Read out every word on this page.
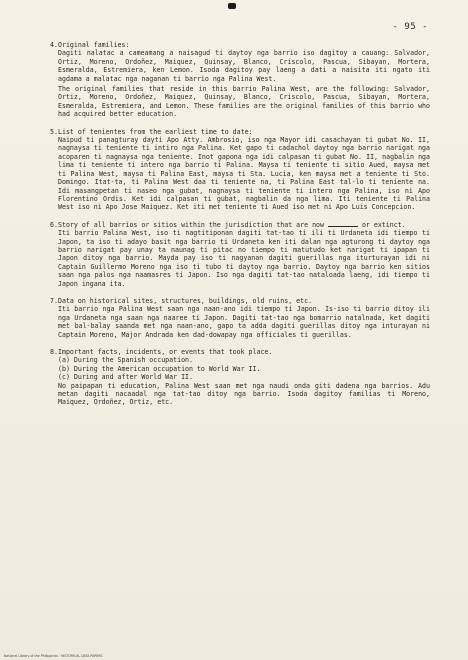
- 95 -
4. Original families:

Dagiti nalatac a cameamang a naisagud ti daytoy nga barrio iso dagitoy a cauang: Salvador, Ortiz, Moreno, Ordoñez, Maiquez, Quinsay, Blanco, Criscolo, Pascua, Sibayan, Mortera, Esmeralda, Estremiera, ken Lemon. Isoda dagitoy pay laeng a dati a naisita iti ngato iti agdama a malatac nga naganan ti barrio nga Palina West.

The original families that reside in this barrio Palina West, are the following: Salvador, Ortiz, Moreno, Ordoñez, Maiquez, Quinsay, Blanco, Criscolo, Pascua, Sibayan, Mortera, Esmeralda, Estremiera, and Lemon. These families are the original families of this barrio who had acquired better education.

5. List of tenientes from the earliest time to date:

Naipud ti panagturay dayti Apo Atty. Ambrosio, iso nga Mayor idi casachayan ti gubat No. II, nagnaysa ti teniente ti intiro nga Palina. Ket gapo ti cadachol daytoy nga barrio narigat nga acoparen ti nagnaysa nga teniente. Inot gapona nga idi calpasan ti gubat No. II, nagbalin nga lima ti teniente ti intero nga barrio ti Palina. Maysa ti teniente ti sitio Aued, maysa met ti Palina West, maysa ti Palina East, maysa ti Sta. Lucia, ken maysa met a teniente ti Sto. Domingo. Itat-ta, ti Palina West daa ti teniente na, ti Palina East tal-lo ti teniente na. Idi masangpetan ti naseo nga gubat, nagnaysa ti teniente ti intero nga Palina, iso ni Apo Florentino Ordis. Ket idi calpasan ti gubat, nagbalin da nga lima. Iti teniente ti Palina West iso ni Apo Jose Maiquez. Ket iti met teniente ti Aued iso met ni Apo Luis Concepcion.

6. Story of all barrios or sitios within the jurisdiction that are now	or extinct.

Iti barrio Palina West, iso ti nagtitiponan dagiti tat-tao ti ili ti Urdaneta idi tiempo ti Japon, ta iso ti adayo basit nga barrio ti Urdaneta ken iti dalan nga agturong ti daytoy nga barrio narigat pay unay ta naunag ti pitac no tiempo ti matutudo ket narigat ti ipapan ti Japon ditoy nga barrio. Mayda pay iso ti nagyanan dagiti guerillas nga iturturayan idi ni Captain Guillermo Moreno nga iso ti tubo ti daytoy nga barrio. Daytoy nga barrio ken sitios saan nga palos nga naamasres ti Japon. Iso nga dagiti tat-tao nataloada laeng, idi tiempo ti Japon ingana ita.

7. Data on historical sites, structures, buildings, old ruins, etc.

Iti barrio nga Palina West saan nga naan-ano idi tiempo ti Japon. Is-iso ti barrio ditoy ili nga Urdaneta nga saan nga naaree ti Japon. Dagiti tat-tao nga bomarrio natalnada, ket dagiti met bal-balay saanda met nga naan-ano, gapo ta adda dagiti guerillas ditoy nga inturayan ni Captain Moreno, Major Andrada ken dad-dowapay nga officiales ti guerillas.

8. Important facts, incidents, or events that took place.
(a) During the Spanish occupation.
(b) During the American occupation to World War II.
(c) During and after World War II.

No paipapan ti education, Palina West saan met nga naudi onda giti dadena nga barrios. Adu metan dagiti nacaadal nga tat-tao ditoy nga barrio. Isoda dagitoy familias ti Moreno, Maiquez, Ordoñez, Ortiz, etc.

National Library of the Philippines · HISTORICAL DATA PAPERS
